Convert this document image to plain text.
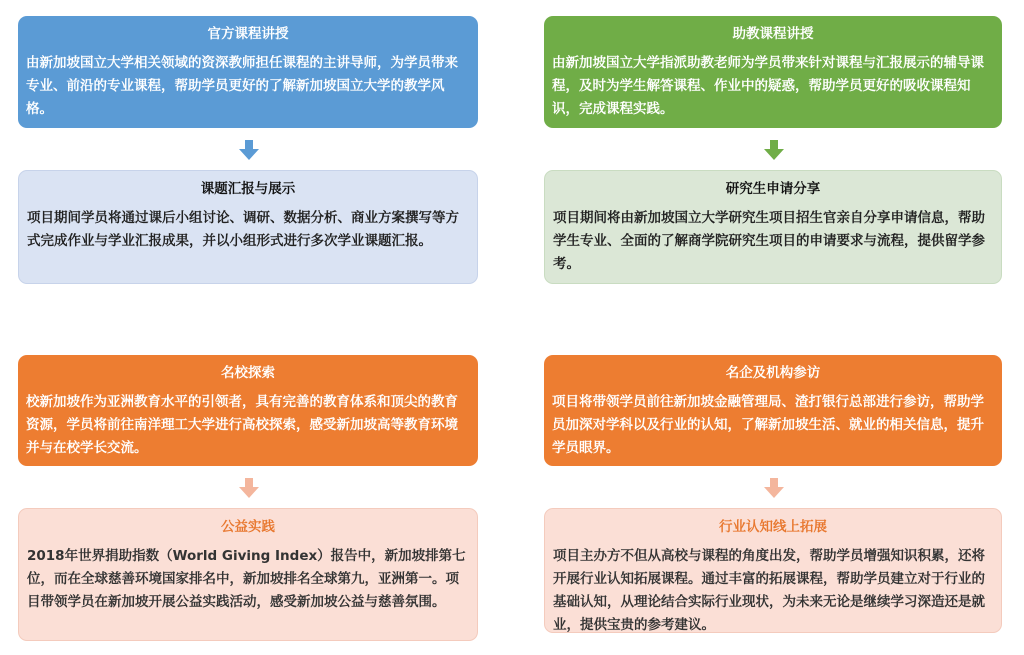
官方课程讲授
由新加坡国立大学相关领域的资深教师担任课程的主讲导师，为学员带来专业、前沿的专业课程，帮助学员更好的了解新加坡国立大学的教学风格。
课题汇报与展示
项目期间学员将通过课后小组讨论、调研、数据分析、商业方案撰写等方式完成作业与学业汇报成果，并以小组形式进行多次学业课题汇报。
助教课程讲授
由新加坡国立大学指派助教老师为学员带来针对课程与汇报展示的辅导课程，及时为学生解答课程、作业中的疑惑，帮助学员更好的吸收课程知识，完成课程实践。
研究生申请分享
项目期间将由新加坡国立大学研究生项目招生官亲自分享申请信息，帮助学生专业、全面的了解商学院研究生项目的申请要求与流程，提供留学参考。
名校探索
校新加坡作为亚洲教育水平的引领者，具有完善的教育体系和顶尖的教育资源，学员将前往南洋理工大学进行高校探索，感受新加坡高等教育环境并与在校学长交流。
公益实践
2018年世界捐助指数（World Giving Index）报告中，新加坡排第七位，而在全球慈善环境国家排名中，新加坡排名全球第九，亚洲第一。项目带领学员在新加坡开展公益实践活动，感受新加坡公益与慈善氛围。
名企及机构参访
项目将带领学员前往新加坡金融管理局、渣打银行总部进行参访，帮助学员加深对学科以及行业的认知，了解新加坡生活、就业的相关信息，提升学员眼界。
行业认知线上拓展
项目主办方不但从高校与课程的角度出发，帮助学员增强知识积累，还将开展行业认知拓展课程。通过丰富的拓展课程，帮助学员建立对于行业的基础认知，从理论结合实际行业现状，为未来无论是继续学习深造还是就业，提供宝贵的参考建议。
